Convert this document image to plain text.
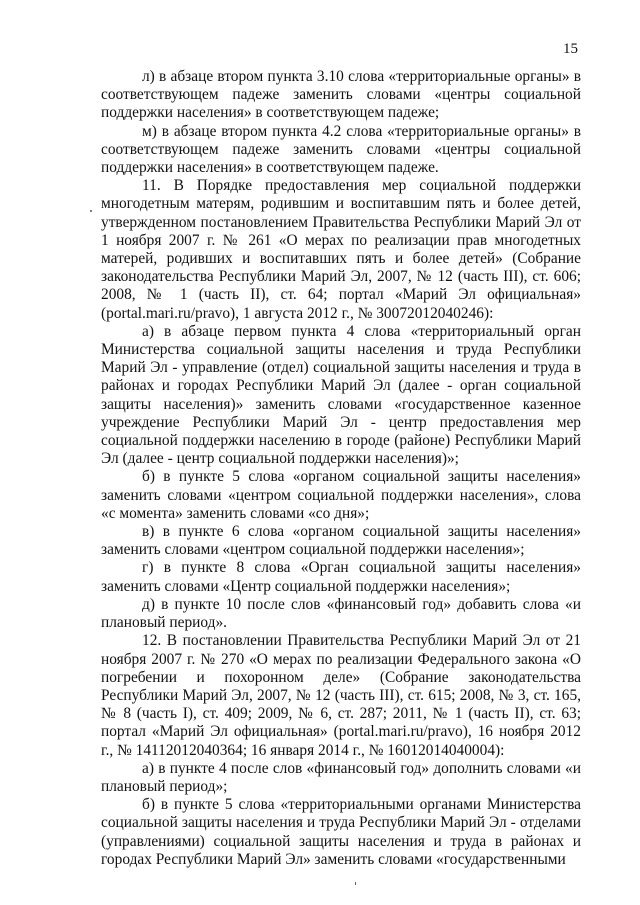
15

л) в абзаце втором пункта 3.10 слова «территориальные органы» в соответствующем падеже заменить словами «центры социальной поддержки населения» в соответствующем падеже;

м) в абзаце втором пункта 4.2 слова «территориальные органы» в соответствующем падеже заменить словами «центры социальной поддержки населения» в соответствующем падеже.

11. В Порядке предоставления мер социальной поддержки многодетным матерям, родившим и воспитавшим пять и более детей, утвержденном постановлением Правительства Республики Марий Эл от 1 ноября 2007 г. № 261 «О мерах по реализации прав многодетных матерей, родивших и воспитавших пять и более детей» (Собрание законодательства Республики Марий Эл, 2007, № 12 (часть III), ст. 606; 2008, № 1 (часть II), ст. 64; портал «Марий Эл официальная» (portal.mari.ru/pravo), 1 августа 2012 г., № 30072012040246):

а) в абзаце первом пункта 4 слова «территориальный орган Министерства социальной защиты населения и труда Республики Марий Эл - управление (отдел) социальной защиты населения и труда в районах и городах Республики Марий Эл (далее - орган социальной защиты населения)» заменить словами «государственное казенное учреждение Республики Марий Эл - центр предоставления мер социальной поддержки населению в городе (районе) Республики Марий Эл (далее - центр социальной поддержки населения)»;

б) в пункте 5 слова «органом социальной защиты населения» заменить словами «центром социальной поддержки населения», слова «с момента» заменить словами «со дня»;

в) в пункте 6 слова «органом социальной защиты населения» заменить словами «центром социальной поддержки населения»;

г) в пункте 8 слова «Орган социальной защиты населения» заменить словами «Центр социальной поддержки населения»;

д) в пункте 10 после слов «финансовый год» добавить слова «и плановый период».

12. В постановлении Правительства Республики Марий Эл от 21 ноября 2007 г. № 270 «О мерах по реализации Федерального закона «О погребении и похоронном деле» (Собрание законодательства Республики Марий Эл, 2007, № 12 (часть III), ст. 615; 2008, № 3, ст. 165, № 8 (часть I), ст. 409; 2009, № 6, ст. 287; 2011, № 1 (часть II), ст. 63; портал «Марий Эл официальная» (portal.mari.ru/pravo), 16 ноября 2012 г., № 14112012040364; 16 января 2014 г., № 16012014040004):

а) в пункте 4 после слов «финансовый год» дополнить словами «и плановый период»;

б) в пункте 5 слова «территориальными органами Министерства социальной защиты населения и труда Республики Марий Эл - отделами (управлениями) социальной защиты населения и труда в районах и городах Республики Марий Эл» заменить словами «государственными
